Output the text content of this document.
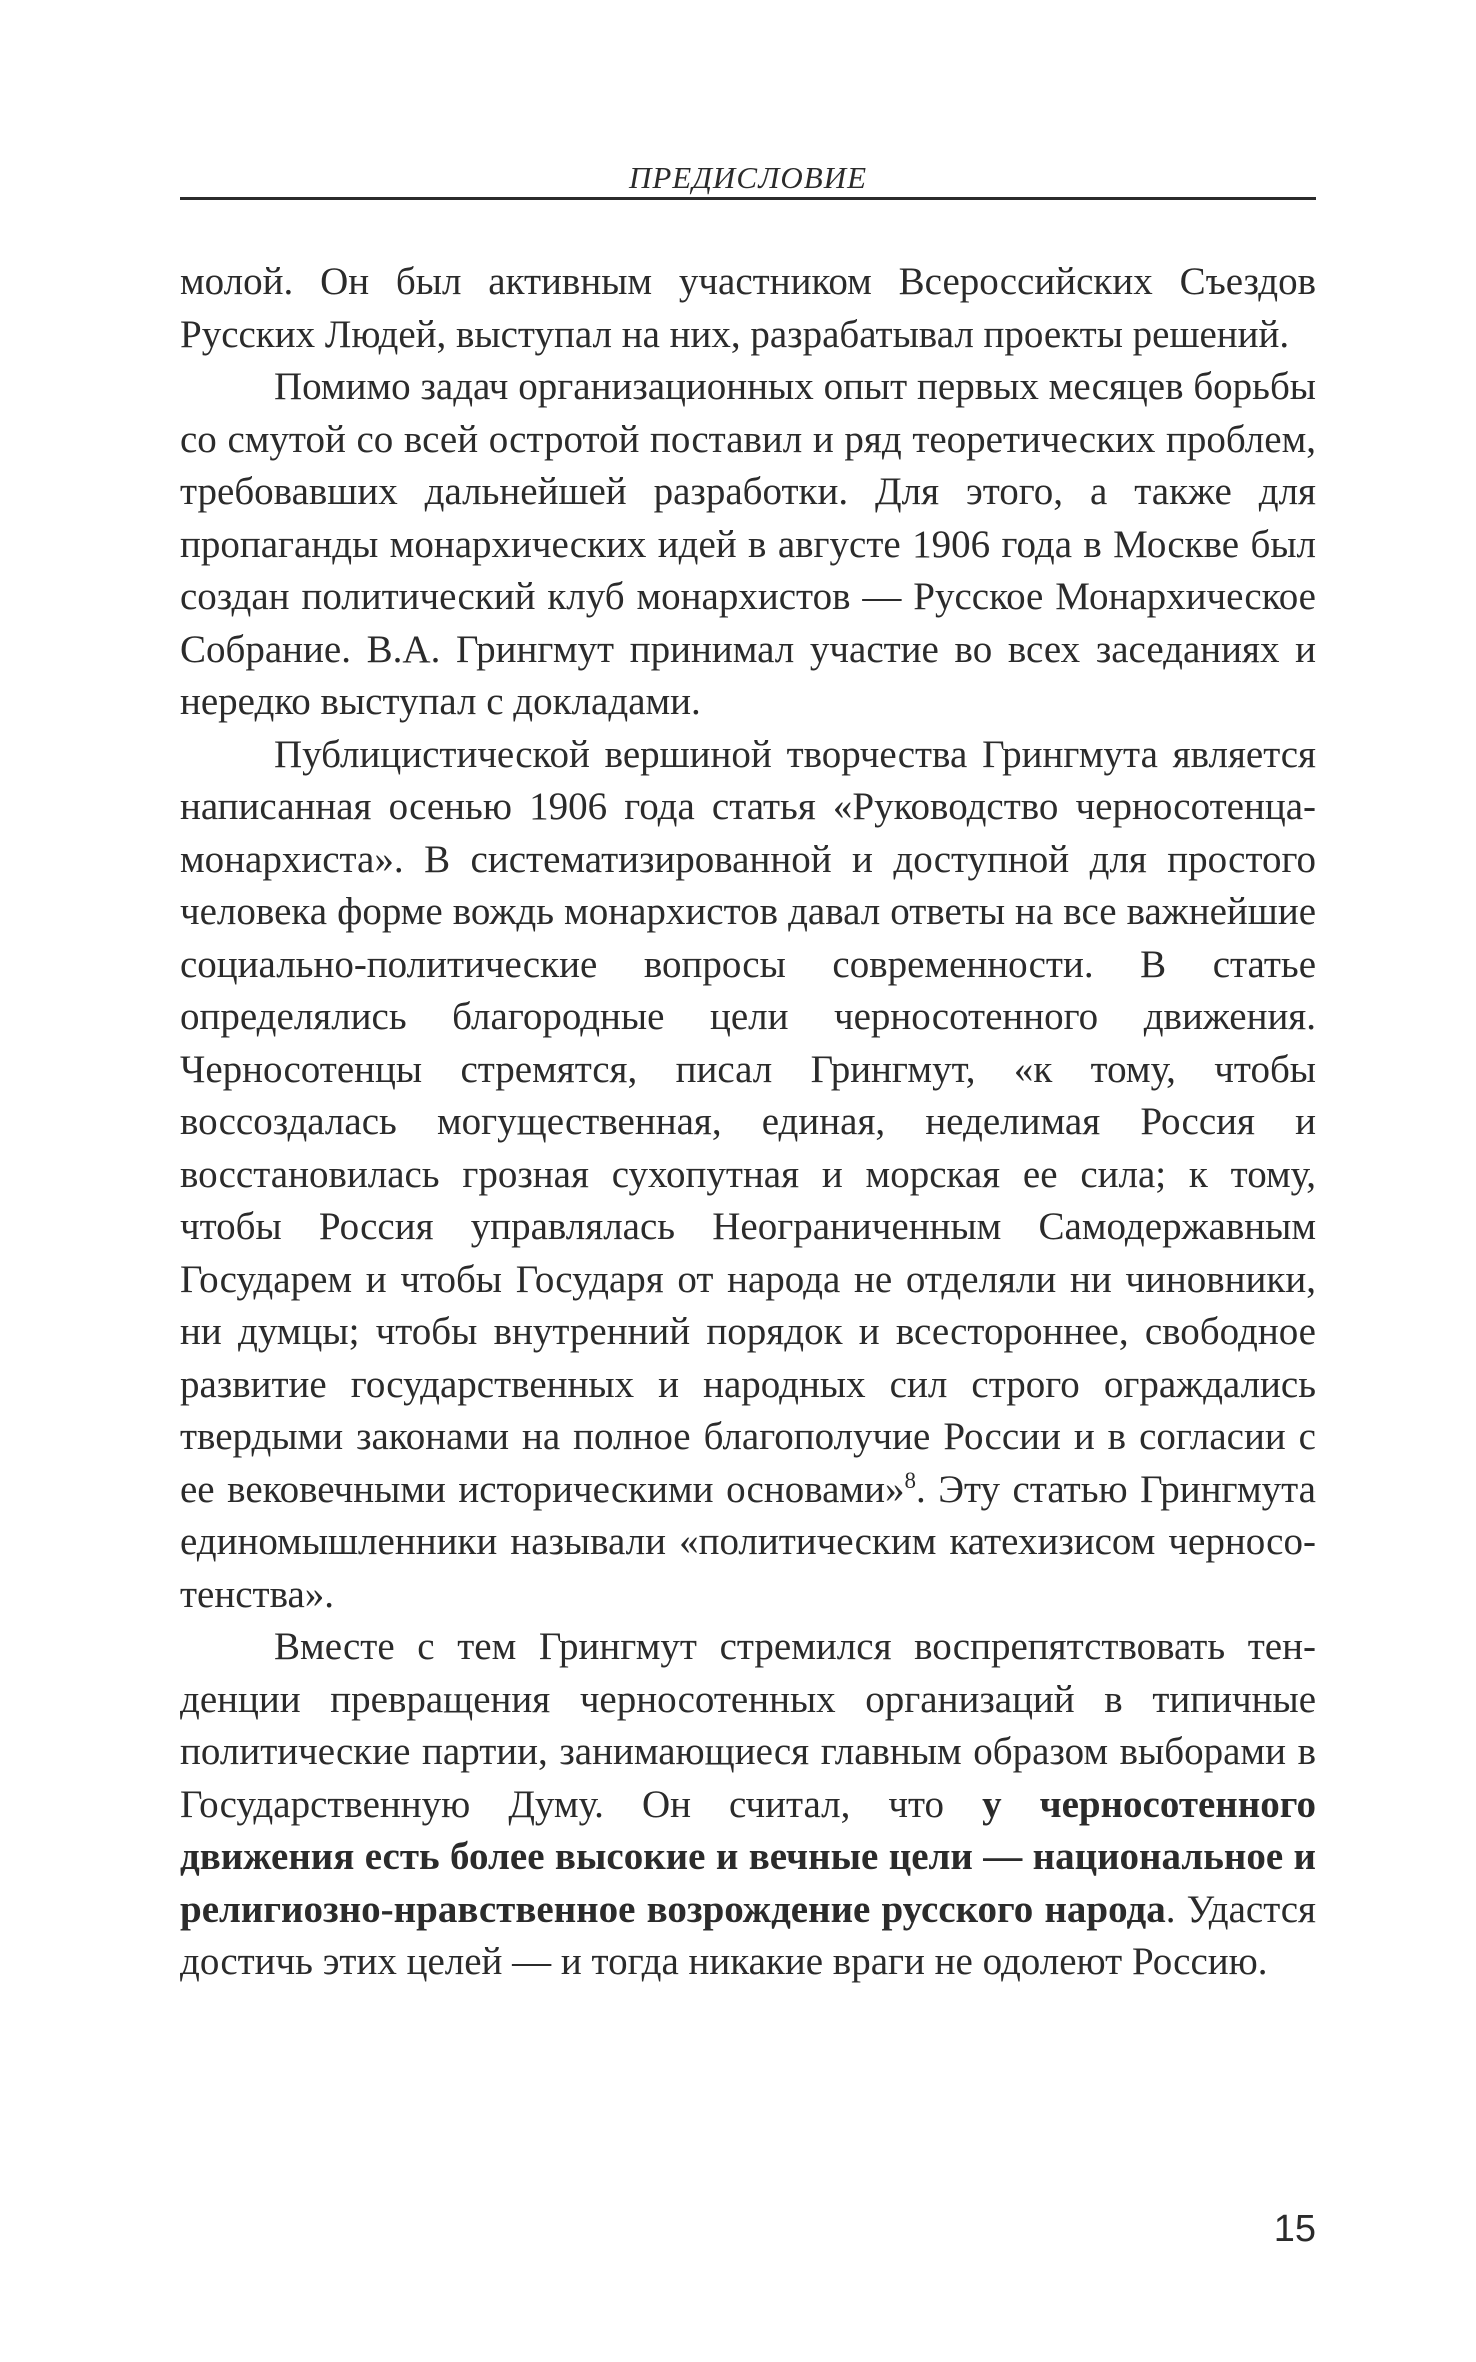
ПРЕДИСЛОВИЕ

молой. Он был активным участником Всероссийских Съездов Русских Людей, выступал на них, разрабатывал проекты решений.

Помимо задач организационных опыт первых месяцев борьбы со смутой со всей остротой поставил и ряд теоретических проблем, требовавших дальнейшей разработки. Для этого, а также для пропаганды монархических идей в августе 1906 года в Москве был создан политический клуб монархистов — Русское Монархическое Собрание. В.А. Грингмут принимал участие во всех заседаниях и нередко выступал с докладами.

Публицистической вершиной творчества Грингмута является написанная осенью 1906 года статья «Руководство черносотенца-монархиста». В систематизированной и доступной для простого человека форме вождь монархистов давал ответы на все важнейшие социально-политические вопросы современности. В статье определялись благородные цели черносотенного движения. Черносотенцы стремятся, писал Грингмут, «к тому, чтобы воссоздалась могущественная, единая, неделимая Россия и восстановилась грозная сухопутная и морская ее сила; к тому, чтобы Россия управлялась Неограниченным Самодержавным Государем и чтобы Государя от народа не отделяли ни чиновники, ни думцы; чтобы внутренний порядок и всестороннее, свободное развитие государственных и народных сил строго ограждались твердыми законами на полное благополучие России и в согласии с ее вековечными историческими основами»$^8$. Эту статью Грингмута единомышленники называли «политическим катехизисом черносотенства».

Вместе с тем Грингмут стремился воспрепятствовать тенденции превращения черносотенных организаций в типичные политические партии, занимающиеся главным образом выборами в Государственную Думу. Он считал, что у черносотенного движения есть более высокие и вечные цели — национальное и религиозно-нравственное возрождение русского народа. Удастся достичь этих целей — и тогда никакие враги не одолеют Россию.

15
